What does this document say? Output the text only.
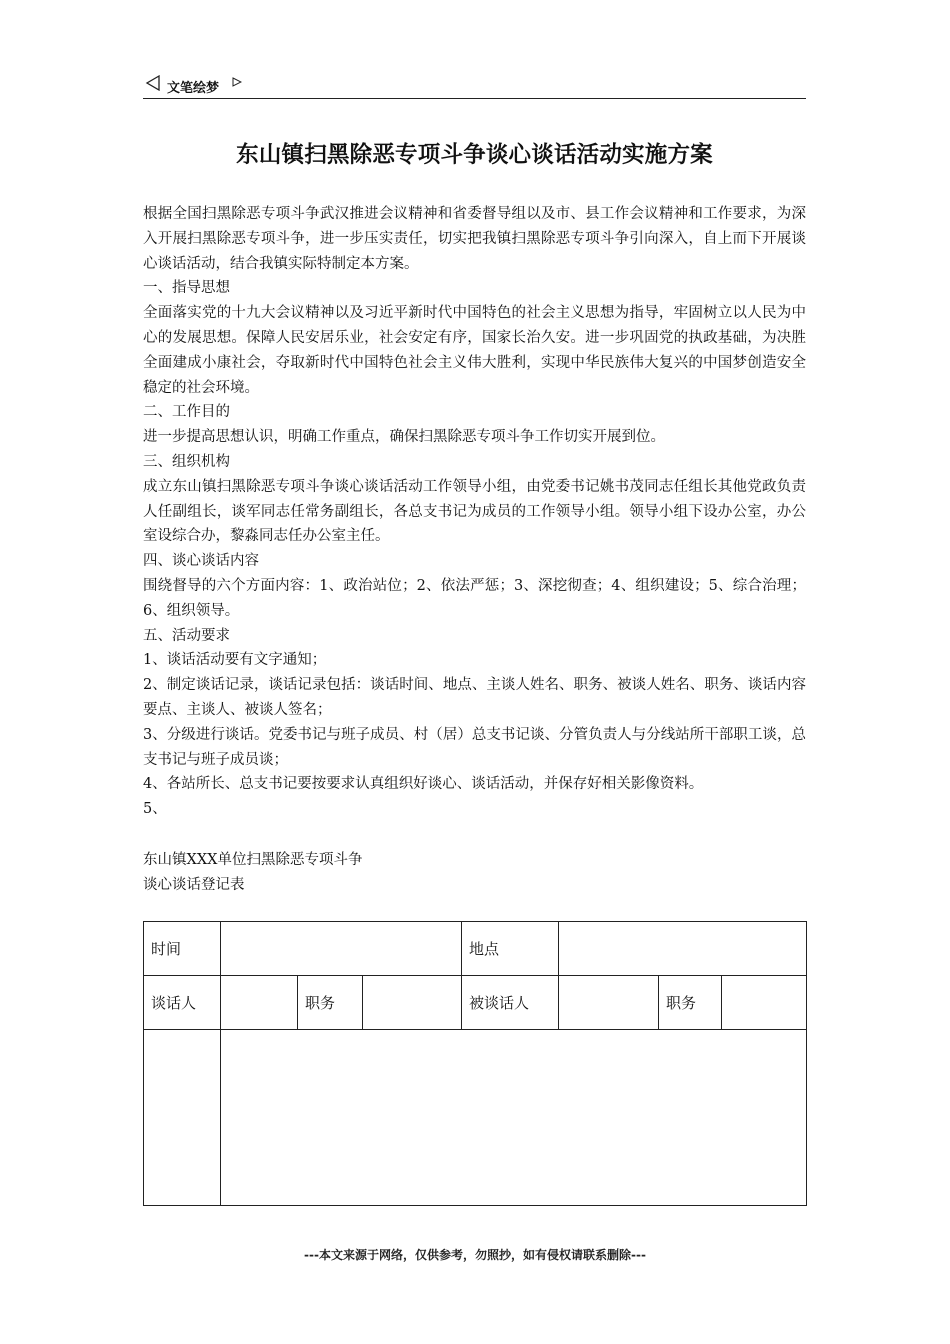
文笔绘梦
东山镇扫黑除恶专项斗争谈心谈话活动实施方案

根据全国扫黑除恶专项斗争武汉推进会议精神和省委督导组以及市、县工作会议精神和工作要求，为深入开展扫黑除恶专项斗争，进一步压实责任，切实把我镇扫黑除恶专项斗争引向深入，自上而下开展谈心谈话活动，结合我镇实际特制定本方案。

一、指导思想

全面落实党的十九大会议精神以及习近平新时代中国特色的社会主义思想为指导，牢固树立以人民为中心的发展思想。保障人民安居乐业，社会安定有序，国家长治久安。进一步巩固党的执政基础，为决胜全面建成小康社会，夺取新时代中国特色社会主义伟大胜利，实现中华民族伟大复兴的中国梦创造安全稳定的社会环境。

二、工作目的

进一步提高思想认识，明确工作重点，确保扫黑除恶专项斗争工作切实开展到位。

三、组织机构

成立东山镇扫黑除恶专项斗争谈心谈话活动工作领导小组，由党委书记姚书茂同志任组长其他党政负责人任副组长，谈军同志任常务副组长，各总支书记为成员的工作领导小组。领导小组下设办公室，办公室设综合办，黎淼同志任办公室主任。

四、谈心谈话内容

围绕督导的六个方面内容：1、政治站位；2、依法严惩；3、深挖彻查；4、组织建设；5、综合治理；6、组织领导。

五、活动要求

1、谈话活动要有文字通知；

2、制定谈话记录，谈话记录包括：谈话时间、地点、主谈人姓名、职务、被谈人姓名、职务、谈话内容要点、主谈人、被谈人签名；

3、分级进行谈话。党委书记与班子成员、村（居）总支书记谈、分管负责人与分线站所干部职工谈，总支书记与班子成员谈；

4、各站所长、总支书记要按要求认真组织好谈心、谈话活动，并保存好相关影像资料。

5、

东山镇XXX单位扫黑除恶专项斗争

谈心谈话登记表

时间				地点		
谈话人		职务		被谈话人		职务

---本文来源于网络，仅供参考，勿照抄，如有侵权请联系删除---
